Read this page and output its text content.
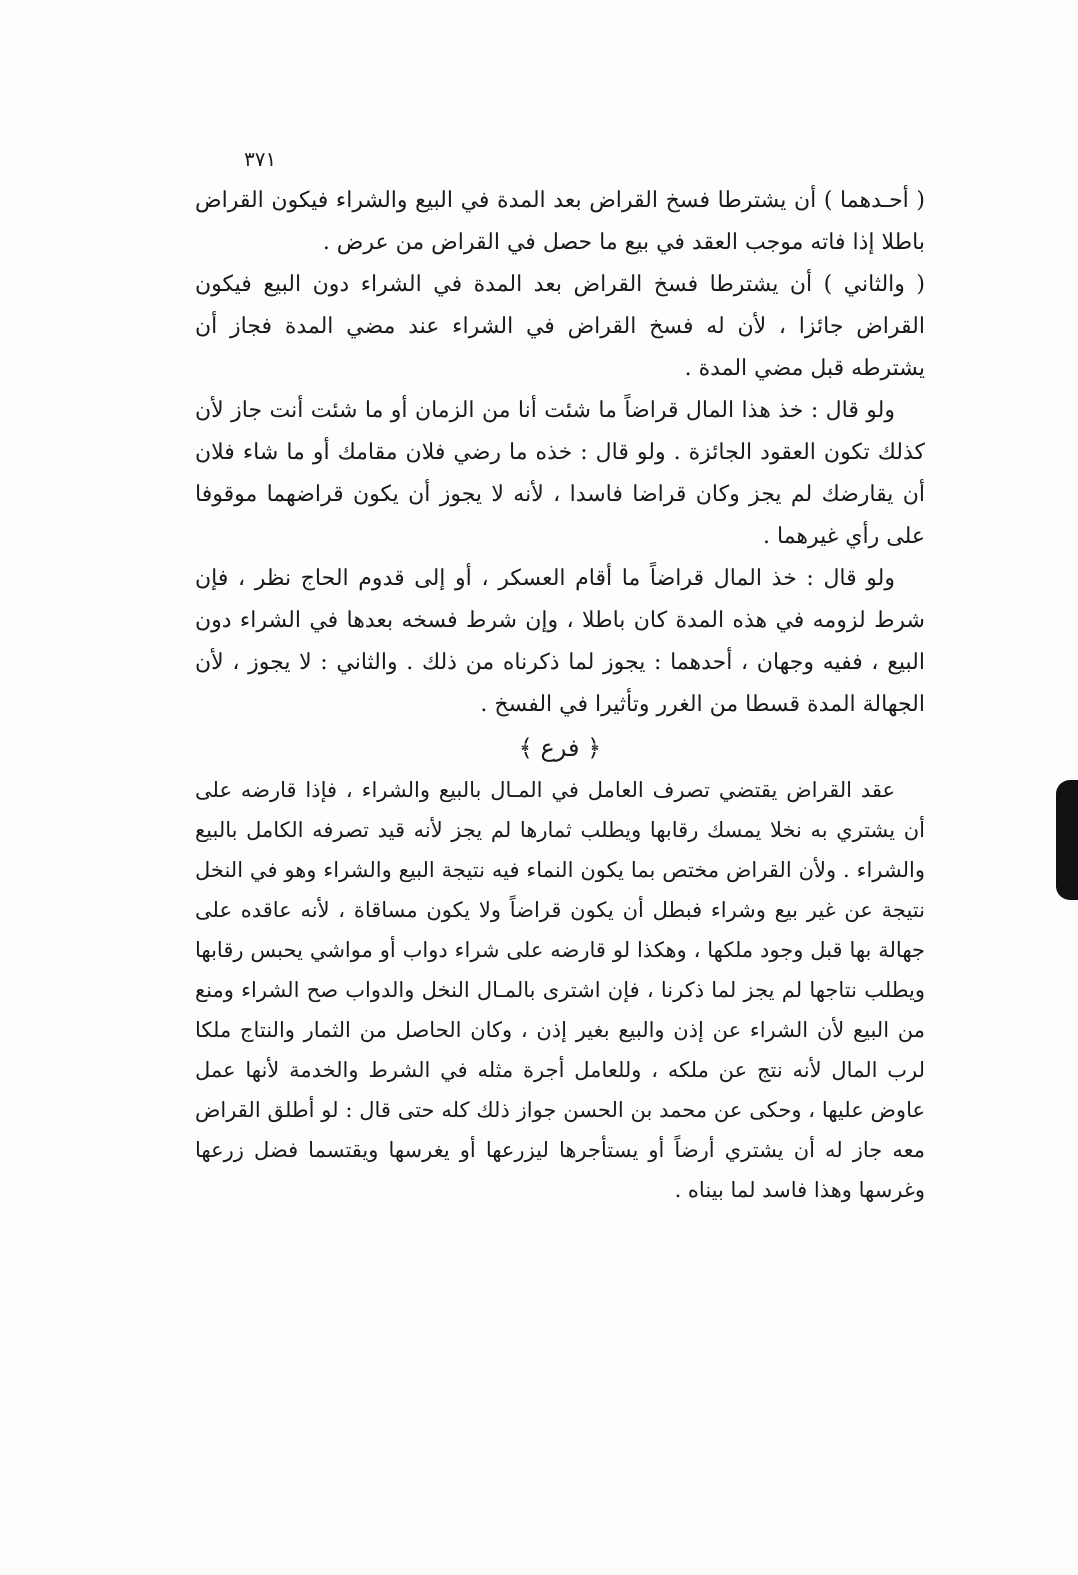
٣٧١

( أحـدهما ) أن يشترطا فسخ القراض بعد المدة في البيع والشراء فيكون القراض باطلا إذا فاته موجب العقد في بيع ما حصل في القراض من عرض .

( والثاني ) أن يشترطا فسخ القراض بعد المدة في الشراء دون البيع فيكون القراض جائزا ، لأن له فسخ القراض في الشراء عند مضي المدة فجاز أن يشترطه قبل مضي المدة .

ولو قال : خذ هذا المال قراضاً ما شئت أنا من الزمان أو ما شئت أنت جاز لأن كذلك تكون العقود الجائزة . ولو قال : خذه ما رضي فلان مقامك أو ما شاء فلان أن يقارضك لم يجز وكان قراضا فاسدا ، لأنه لا يجوز أن يكون قراضهما موقوفا على رأي غيرهما .

ولو قال : خذ المال قراضاً ما أقام العسكر ، أو إلى قدوم الحاج نظر ، فإن شرط لزومه في هذه المدة كان باطلا ، وإن شرط فسخه بعدها في الشراء دون البيع ، ففيه وجهان ، أحدهما : يجوز لما ذكرناه من ذلك . والثاني : لا يجوز ، لأن الجهالة المدة قسطا من الغرر وتأثيرا في الفسخ .

﴿ فرع ﴾

عقد القراض يقتضي تصرف العامل في المـال بالبيع والشراء ، فإذا قارضه على أن يشتري به نخلا يمسك رقابها ويطلب ثمارها لم يجز لأنه قيد تصرفه الكامل بالبيع والشراء . ولأن القراض مختص بما يكون النماء فيه نتيجة البيع والشراء وهو في النخل نتيجة عن غير بيع وشراء فبطل أن يكون قراضاً ولا يكون مساقاة ، لأنه عاقده على جهالة بها قبل وجود ملكها ، وهكذا لو قارضه على شراء دواب أو مواشي يحبس رقابها ويطلب نتاجها لم يجز لما ذكرنا ، فإن اشترى بالمـال النخل والدواب صح الشراء ومنع من البيع لأن الشراء عن إذن والبيع بغير إذن ، وكان الحاصل من الثمار والنتاج ملكا لرب المال لأنه نتج عن ملكه ، وللعامل أجرة مثله في الشرط والخدمة لأنها عمل عاوض عليها ، وحكى عن محمد بن الحسن جواز ذلك كله حتى قال : لو أطلق القراض معه جاز له أن يشتري أرضاً أو يستأجرها ليزرعها أو يغرسها ويقتسما فضل زرعها وغرسها وهذا فاسد لما بيناه .
